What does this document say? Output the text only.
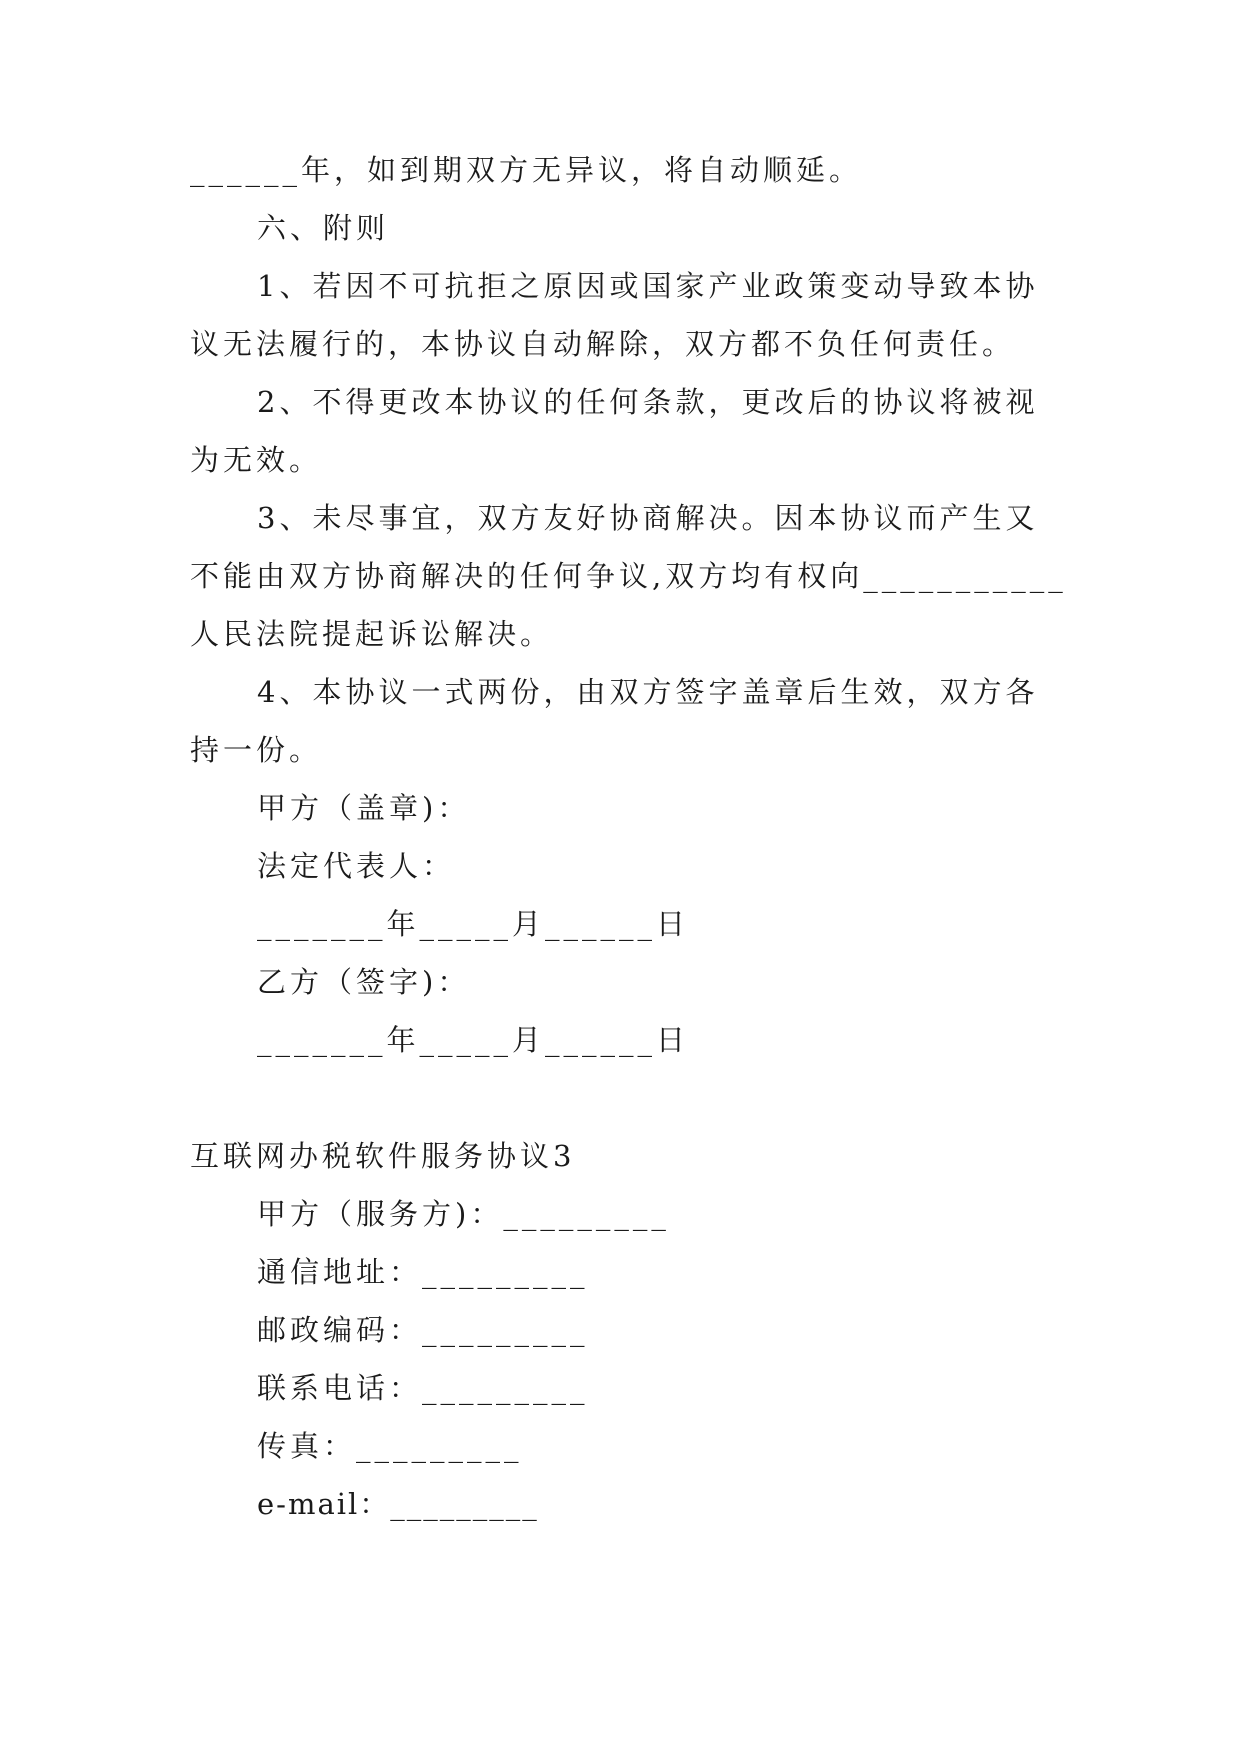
______年，如到期双方无异议，将自动顺延。
六、附则
1、若因不可抗拒之原因或国家产业政策变动导致本协
议无法履行的，本协议自动解除，双方都不负任何责任。
2、不得更改本协议的任何条款，更改后的协议将被视
为无效。
3、未尽事宜，双方友好协商解决。因本协议而产生又
不能由双方协商解决的任何争议,双方均有权向___________
人民法院提起诉讼解决。
4、本协议一式两份，由双方签字盖章后生效，双方各
持一份。
甲方（盖章)：
法定代表人：
_______年_____月______日
乙方（签字)：
_______年_____月______日
互联网办税软件服务协议3
甲方（服务方)：_________
通信地址：_________
邮政编码：_________
联系电话：_________
传真：_________
e-mail：_________
